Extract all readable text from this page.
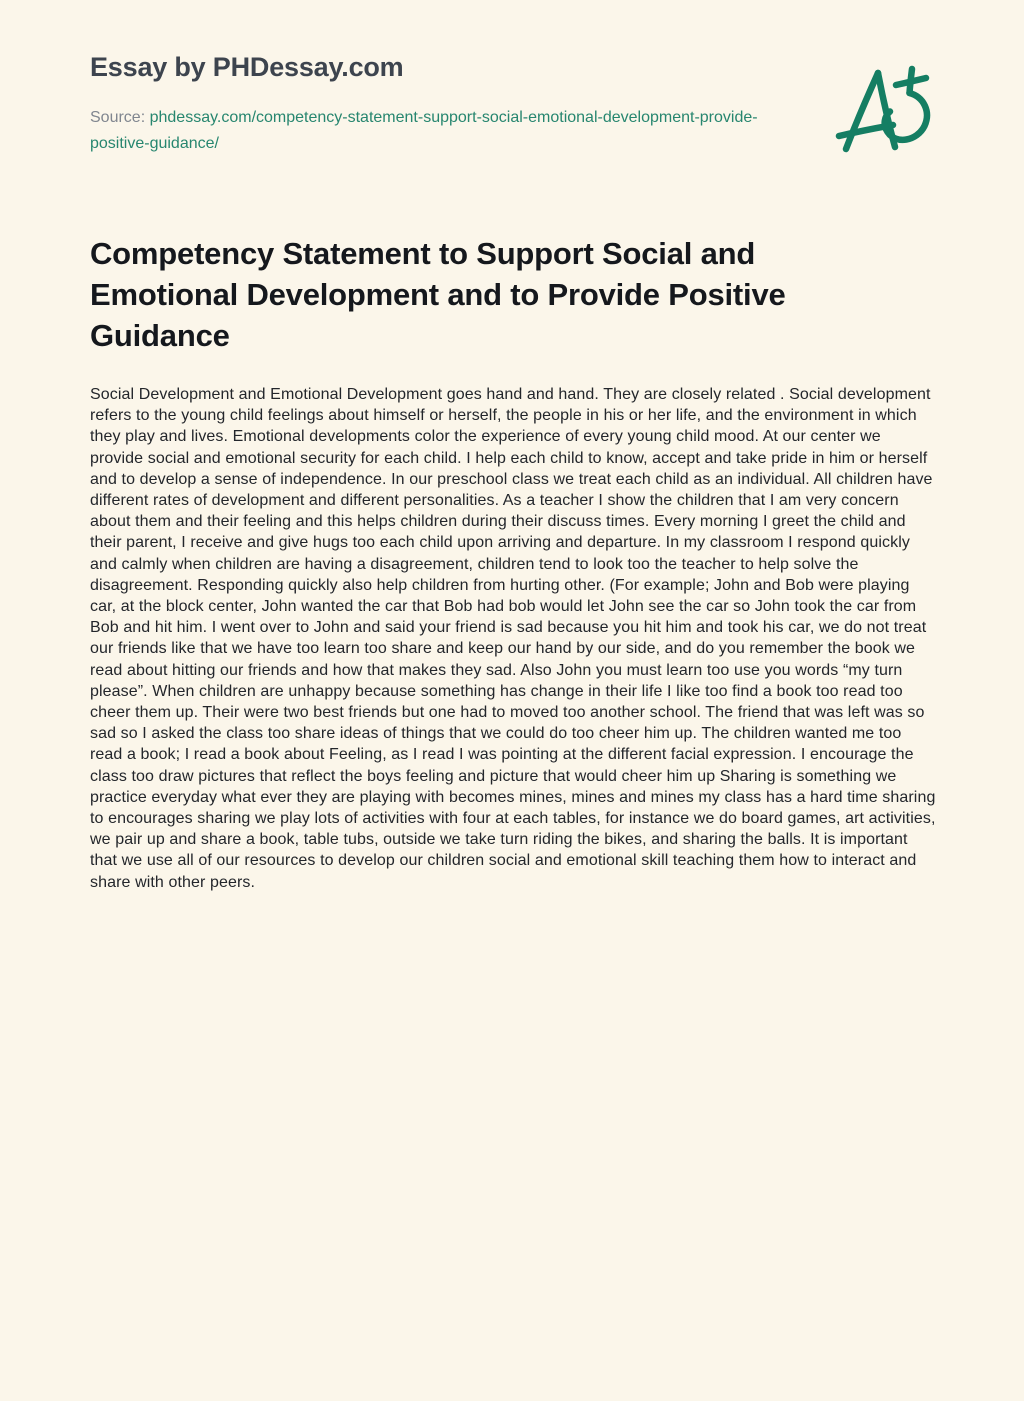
Essay by PHDessay.com

Source: phdessay.com/competency-statement-support-social-emotional-development-provide-positive-guidance/

Competency Statement to Support Social and Emotional Development and to Provide Positive Guidance

Social Development and Emotional Development goes hand and hand. They are closely related . Social development refers to the young child feelings about himself or herself, the people in his or her life, and the environment in which they play and lives. Emotional developments color the experience of every young child mood. At our center we provide social and emotional security for each child. I help each child to know, accept and take pride in him or herself and to develop a sense of independence. In our preschool class we treat each child as an individual. All children have different rates of development and different personalities. As a teacher I show the children that I am very concern about them and their feeling and this helps children during their discuss times. Every morning I greet the child and their parent, I receive and give hugs too each child upon arriving and departure. In my classroom I respond quickly and calmly when children are having a disagreement, children tend to look too the teacher to help solve the disagreement. Responding quickly also help children from hurting other. (For example; John and Bob were playing car, at the block center, John wanted the car that Bob had bob would let John see the car so John took the car from Bob and hit him. I went over to John and said your friend is sad because you hit him and took his car, we do not treat our friends like that we have too learn too share and keep our hand by our side, and do you remember the book we read about hitting our friends and how that makes they sad. Also John you must learn too use you words “my turn please”. When children are unhappy because something has change in their life I like too find a book too read too cheer them up. Their were two best friends but one had to moved too another school. The friend that was left was so sad so I asked the class too share ideas of things that we could do too cheer him up. The children wanted me too read a book; I read a book about Feeling, as I read I was pointing at the different facial expression. I encourage the class too draw pictures that reflect the boys feeling and picture that would cheer him up Sharing is something we practice everyday what ever they are playing with becomes mines, mines and mines my class has a hard time sharing to encourages sharing we play lots of activities with four at each tables, for instance we do board games, art activities, we pair up and share a book, table tubs, outside we take turn riding the bikes, and sharing the balls. It is important that we use all of our resources to develop our children social and emotional skill teaching them how to interact and share with other peers.
